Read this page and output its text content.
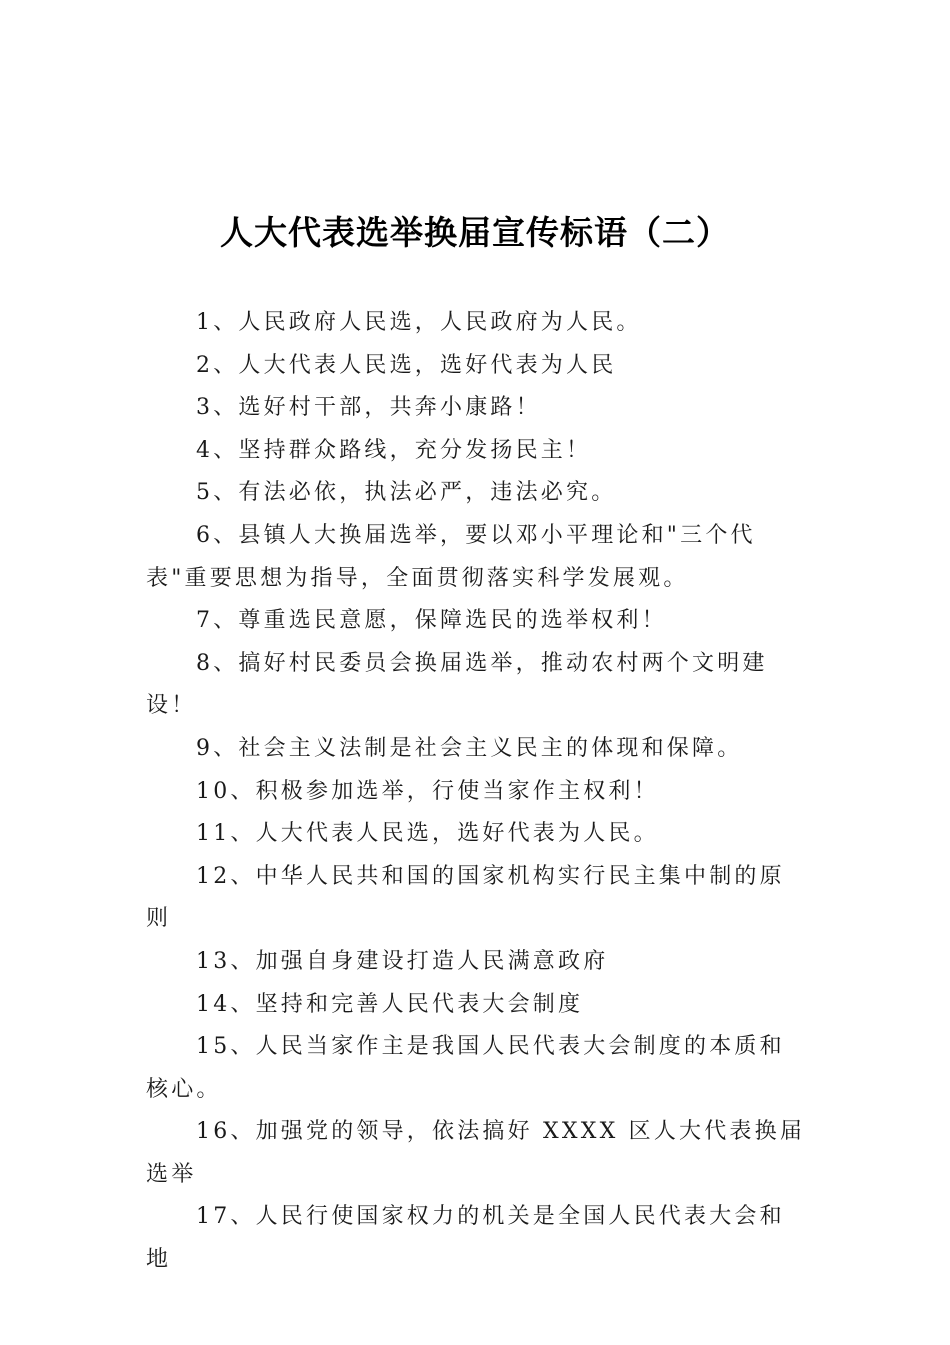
人大代表选举换届宣传标语（二）

1、人民政府人民选，人民政府为人民。

2、人大代表人民选，选好代表为人民

3、选好村干部，共奔小康路！

4、坚持群众路线，充分发扬民主！

5、有法必依，执法必严，违法必究。

6、县镇人大换届选举，要以邓小平理论和"三个代表"重要思想为指导，全面贯彻落实科学发展观。

7、尊重选民意愿，保障选民的选举权利！

8、搞好村民委员会换届选举，推动农村两个文明建设！

9、社会主义法制是社会主义民主的体现和保障。

10、积极参加选举，行使当家作主权利！

11、人大代表人民选，选好代表为人民。

12、中华人民共和国的国家机构实行民主集中制的原则

13、加强自身建设打造人民满意政府

14、坚持和完善人民代表大会制度

15、人民当家作主是我国人民代表大会制度的本质和核心。

16、加强党的领导，依法搞好 XXXX 区人大代表换届选举

17、人民行使国家权力的机关是全国人民代表大会和地
